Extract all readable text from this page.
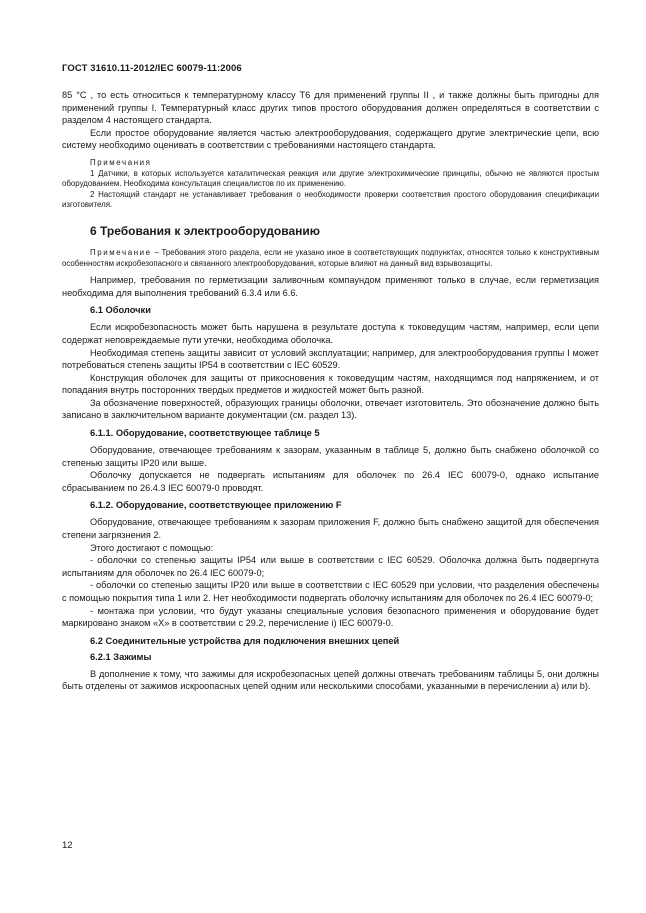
ГОСТ 31610.11-2012/IEC 60079-11:2006

85 °С , то есть относиться к температурному классу Т6 для применений группы II , и также должны быть пригодны для применений группы I. Температурный класс других типов простого оборудования должен определяться в соответствии с разделом 4 настоящего стандарта.

Если простое оборудование является частью электрооборудования, содержащего другие электрические цепи, всю систему необходимо оценивать в соответствии с требованиями настоящего стандарта.

Примечания

1 Датчики, в которых используется каталитическая реакция или другие электрохимические принципы, обычно не являются простым оборудованием. Необходима консультация специалистов по их применению.

2 Настоящий стандарт не устанавливает требования о необходимости проверки соответствия простого оборудования спецификации изготовителя.

6 Требования к электрооборудованию

Примечание – Требования этого раздела, если не указано иное в соответствующих подпунктах, относятся только к конструктивным особенностям искробезопасного и связанного электрооборудования, которые влияют на данный вид взрывозащиты.

Например, требования по герметизации заливочным компаундом применяют только в случае, если герметизация необходима для выполнения требований 6.3.4 или 6.6.

6.1 Оболочки

Если искробезопасность может быть нарушена в результате доступа к токоведущим частям, например, если цепи содержат неповреждаемые пути утечки, необходима оболочка.

Необходимая степень защиты зависит от условий эксплуатации; например, для электрооборудования группы I может потребоваться степень защиты IP54 в соответствии с IEC 60529.

Конструкция оболочек для защиты от прикосновения к токоведущим частям, находящимся под напряжением, и от попадания внутрь посторонних твердых предметов и жидкостей может быть разной.

За обозначение поверхностей, образующих границы оболочки, отвечает изготовитель. Это обозначение должно быть записано в заключительном варианте документации (см. раздел 13).

6.1.1. Оборудование, соответствующее таблице 5

Оборудование, отвечающее требованиям к зазорам, указанным в таблице 5, должно быть снабжено оболочкой со степенью защиты IP20 или выше.

Оболочку допускается не подвергать испытаниям для оболочек по 26.4 IEC 60079-0, однако испытание сбрасыванием по 26.4.3 IEC 60079-0 проводят.

6.1.2. Оборудование, соответствующее приложению F

Оборудование, отвечающее требованиям к зазорам приложения F, должно быть снабжено защитой для обеспечения степени загрязнения 2.

Этого достигают с помощью:

- оболочки со степенью защиты IP54 или выше в соответствии с IEC 60529. Оболочка должна быть подвергнута испытаниям для оболочек по 26.4 IEC 60079-0;

- оболочки со степенью защиты IP20 или выше в соответствии с IEC 60529 при условии, что разделения обеспечены с помощью покрытия типа 1 или 2. Нет необходимости подвергать оболочку испытаниям для оболочек по 26.4 IEC 60079-0;

- монтажа при условии, что будут указаны специальные условия безопасного применения и оборудование будет маркировано знаком «Х» в соответствии с 29.2, перечисление i) IEC 60079-0.

6.2 Соединительные устройства для подключения внешних цепей
6.2.1 Зажимы

В дополнение к тому, что зажимы для искробезопасных цепей должны отвечать требованиям таблицы 5, они должны быть отделены от зажимов искроопасных цепей одним или несколькими способами, указанными в перечислении a) или b).

12
